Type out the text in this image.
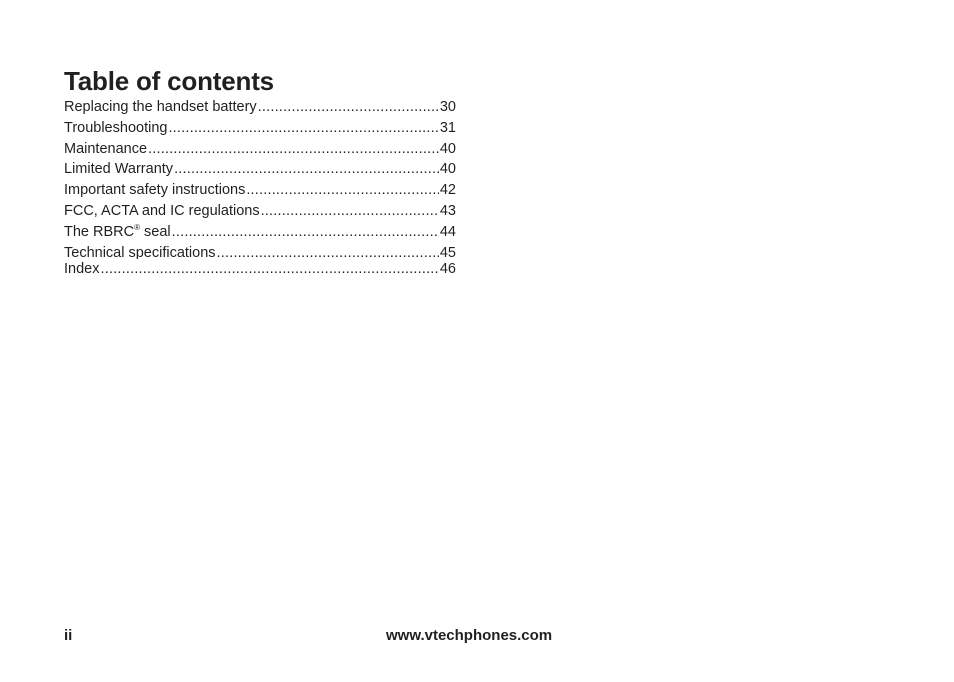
Table of contents
Replacing the handset battery .....	30
Troubleshooting .....	31
Maintenance .....	40
Limited Warranty .....	40
Important safety instructions .....	42
FCC, ACTA and IC regulations .....	43
The RBRC® seal .....	44
Technical specifications .....	45
Index .....	46
ii	www.vtechphones.com
